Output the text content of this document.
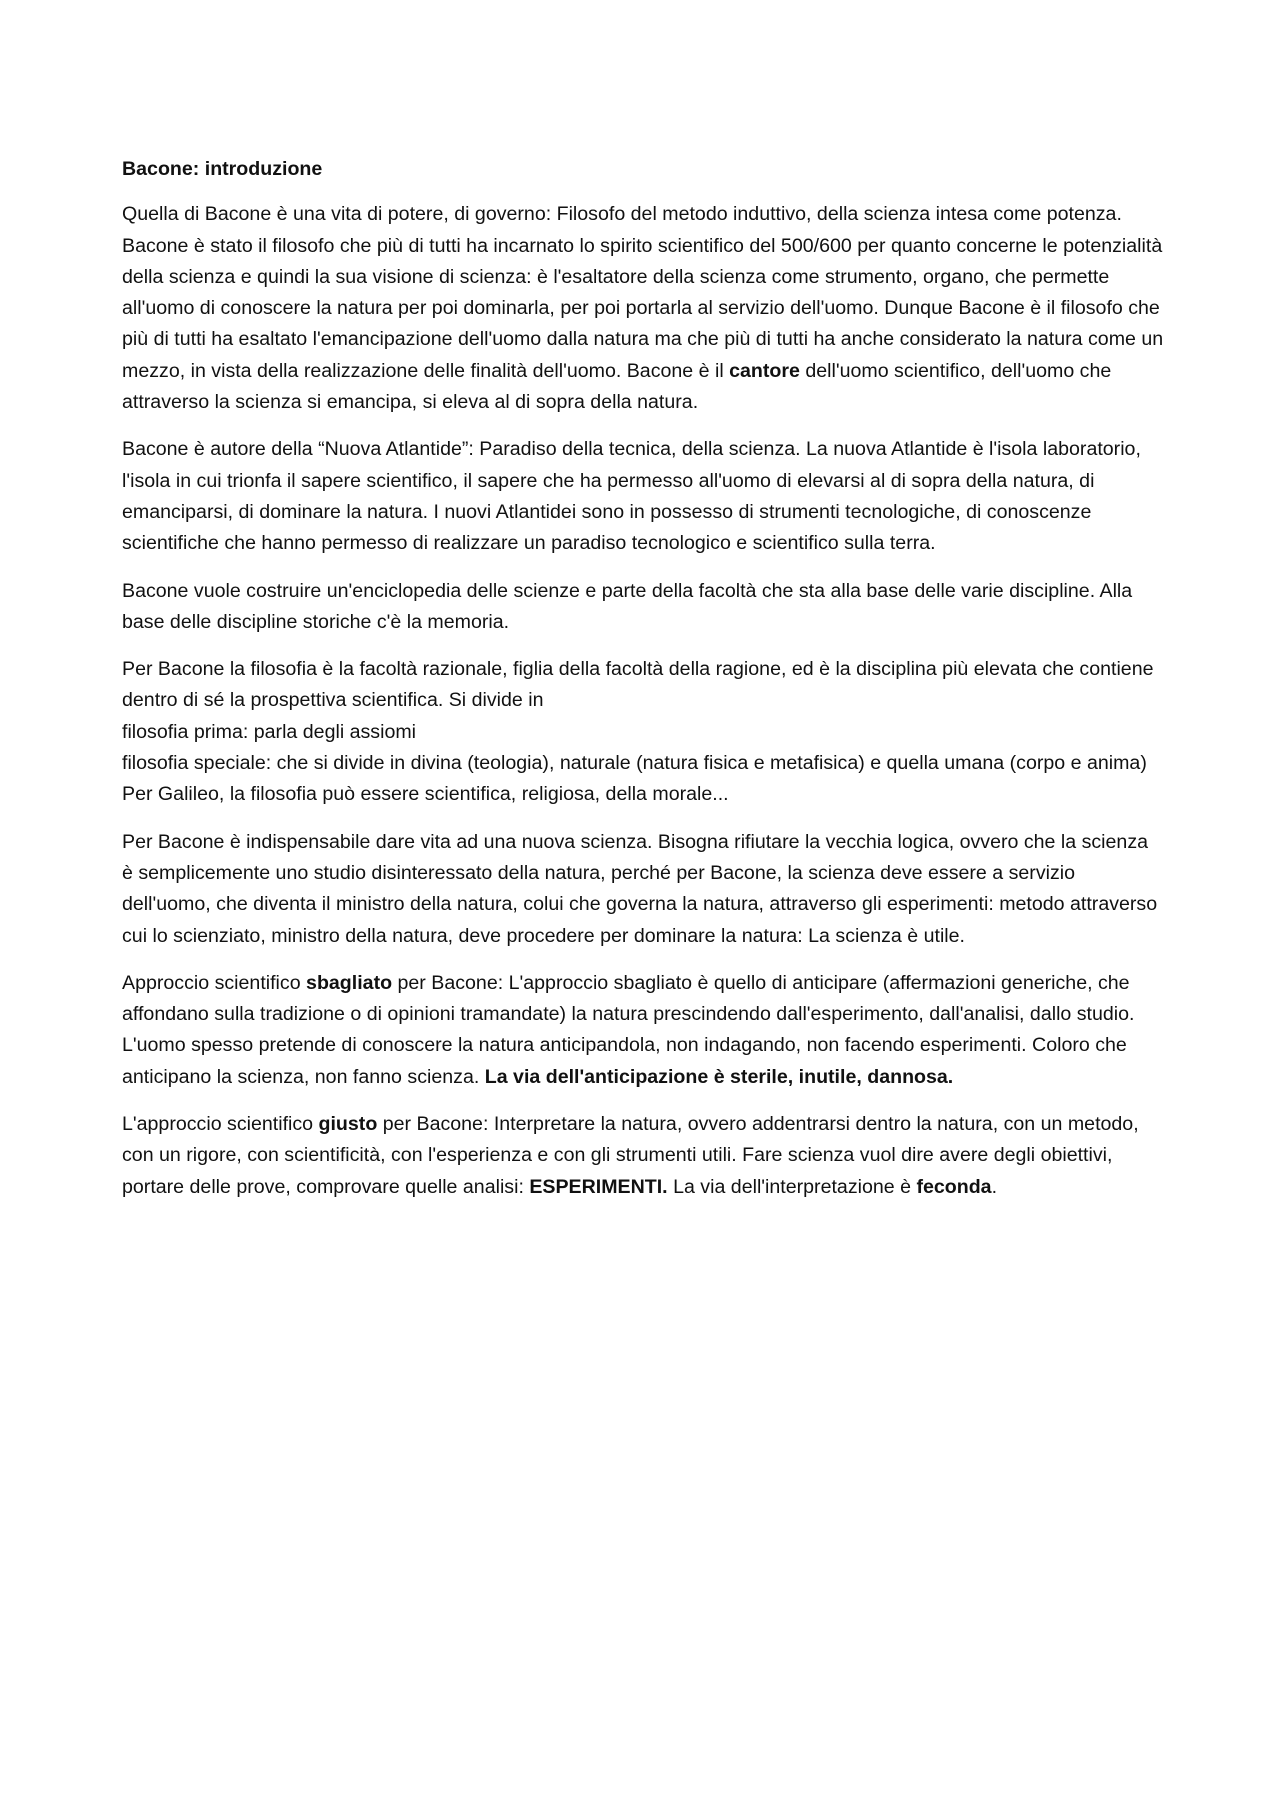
Bacone: introduzione

Quella di Bacone è una vita di potere, di governo: Filosofo del metodo induttivo, della scienza intesa come potenza. Bacone è stato il filosofo che più di tutti ha incarnato lo spirito scientifico del 500/600 per quanto concerne le potenzialità della scienza e quindi la sua visione di scienza: è l'esaltatore della scienza come strumento, organo, che permette all'uomo di conoscere la natura per poi dominarla, per poi portarla al servizio dell'uomo. Dunque Bacone è il filosofo che più di tutti ha esaltato l'emancipazione dell'uomo dalla natura ma che più di tutti ha anche considerato la natura come un mezzo, in vista della realizzazione delle finalità dell'uomo. Bacone è il cantore dell'uomo scientifico, dell'uomo che attraverso la scienza si emancipa, si eleva al di sopra della natura.

Bacone è autore della “Nuova Atlantide”: Paradiso della tecnica, della scienza. La nuova Atlantide è l'isola laboratorio, l'isola in cui trionfa il sapere scientifico, il sapere che ha permesso all'uomo di elevarsi al di sopra della natura, di emanciparsi, di dominare la natura. I nuovi Atlantidei sono in possesso di strumenti tecnologiche, di conoscenze scientifiche che hanno permesso di realizzare un paradiso tecnologico e scientifico sulla terra.

Bacone vuole costruire un'enciclopedia delle scienze e parte della facoltà che sta alla base delle varie discipline. Alla base delle discipline storiche c'è la memoria.

Per Bacone la filosofia è la facoltà razionale, figlia della facoltà della ragione, ed è la disciplina più elevata che contiene dentro di sé la prospettiva scientifica. Si divide in
filosofia prima: parla degli assiomi
filosofia speciale: che si divide in divina (teologia), naturale (natura fisica e metafisica) e quella umana (corpo e anima)
Per Galileo, la filosofia può essere scientifica, religiosa, della morale...

Per Bacone è indispensabile dare vita ad una nuova scienza. Bisogna rifiutare la vecchia logica, ovvero che la scienza è semplicemente uno studio disinteressato della natura, perché per Bacone, la scienza deve essere a servizio dell'uomo, che diventa il ministro della natura, colui che governa la natura, attraverso gli esperimenti: metodo attraverso cui lo scienziato, ministro della natura, deve procedere per dominare la natura: La scienza è utile.

Approccio scientifico sbagliato per Bacone: L'approccio sbagliato è quello di anticipare (affermazioni generiche, che affondano sulla tradizione o di opinioni tramandate) la natura prescindendo dall'esperimento, dall'analisi, dallo studio. L'uomo spesso pretende di conoscere la natura anticipandola, non indagando, non facendo esperimenti. Coloro che anticipano la scienza, non fanno scienza. La via dell'anticipazione è sterile, inutile, dannosa.

L'approccio scientifico giusto per Bacone: Interpretare la natura, ovvero addentrarsi dentro la natura, con un metodo, con un rigore, con scientificità, con l'esperienza e con gli strumenti utili. Fare scienza vuol dire avere degli obiettivi, portare delle prove, comprovare quelle analisi: ESPERIMENTI. La via dell'interpretazione è feconda.
